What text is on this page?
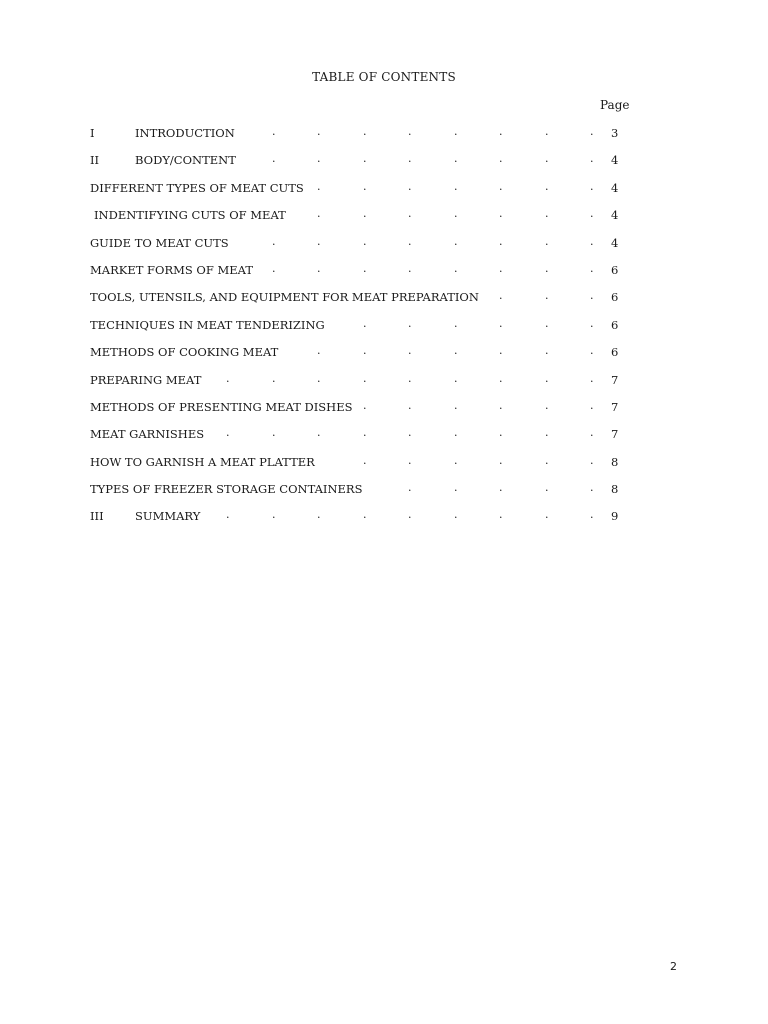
TABLE OF CONTENTS
Page
I	INTRODUCTION	.	.	.	.	.	.	.	. 3
II	BODY/CONTENT	.	.	.	.	.	.	.	. 4
DIFFERENT TYPES OF MEAT CUTS .	.	.	.	.	.	. 4
INDENTIFYING CUTS OF MEAT	.	.	.	.	.	.	. 4
GUIDE TO MEAT CUTS	.	.	.	.	.	.	.	. 4
MARKET FORMS OF MEAT .	.	.	.	.	.	.	. 6
TOOLS, UTENSILS, AND EQUIPMENT FOR MEAT PREPARATION .	.	. 6
TECHNIQUES IN MEAT TENDERIZING	.	.	.	.	.	. 6
METHODS OF COOKING MEAT	.	.	.	.	.	.	. 6
PREPARING MEAT .	.	.	.	.	.	.	.	. 7
METHODS OF PRESENTING MEAT DISHES .	.	.	.	.	. 7
MEAT GARNISHES .	.	.	.	.	.	.	.	. 7
HOW TO GARNISH A MEAT PLATTER	.	.	.	.	.	. 8
TYPES OF FREEZER STORAGE CONTAINERS	.	.	.	.	. 8
III	SUMMARY .	.	.	.	.	.	.	.	. 9
2
